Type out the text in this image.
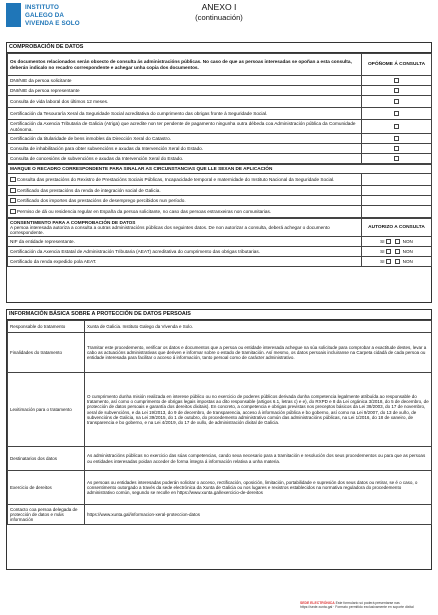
INSTITUTO
GALEGO DA
VIVENDA E SOLO
ANEXO I
(continuación)
COMPROBACIÓN DE DATOS
Os documentos relacionados serán obxecto de consulta ás administracións públicas. No caso de que as persoas interesadas se opoñan a esta consulta, deberán indicalo no recadro correspondente e achegar unha copia dos documentos.	OPÓÑOME Á CONSULTA
DNI/NIE da persoa solicitante	
DNI/NIE da persoa representante	
Consulta de vida laboral dos últimos 12 meses.	
Certificación da Tesouraría Xeral da Seguridade Social acreditativa do cumprimento das obrigas fronte á Seguridade Social.	
Certificación da Axencia Tributaria de Galicia (Atriga) que acredite non ter pendente de pagamento ningunha outra débeda coa Administración pública da Comunidade Autónoma.	
Certificación da titularidade de bens inmobles da Dirección Xeral do Catastro.	
Consulta de inhabilitación para obter subvencións e axudas da Intervención Xeral do Estado.	
Consulta de concesións de subvencións e axudas da Intervención Xeral do Estado.	
MARQUE O RECADRO CORRESPONDENTE PARA SINALAR AS CIRCUNSTANCIAS QUE LLE SEXAN DE APLICACIÓN	
Consulta das prestacións do Rexistro de Prestacións Sociais Públicas, Incapacidade temporal e maternidade do Instituto Nacional da Seguridade Social.	
Certificado das prestacións da renda de integración social de Galicia.	
Certificado dos importes das prestacións de desemprego percibidos nun período.	
Permiso de dá ou residencia regular en España da persoa solicitante, no caso das persoas estranxeiras non comunitarias.	
CONSENTIMENTO PARA A COMPROBACIÓN DE DATOS
A persoa interesada autoriza a consulta a outras administracións públicas dos seguintes datos. De non autorizar a consulta, deberá achegar o documento correspondente.	AUTORIZO A CONSULTA
NIF da entidade representante.	SI NON
Certificación da Axencia Estatal de Administración Tributaria (AEAT) acreditativa do cumprimento das obrigas tributarias.	SI NON
Certificado da renda expedido pola AEAT.	SI NON
INFORMACIÓN BÁSICA SOBRE A PROTECCIÓN DE DATOS PERSOAIS
Responsable do tratamento	Xunta de Galicia. Instituto Galego da Vivenda e Solo.
Finalidades do tratamento	Tramitar este procedemento, verificar os datos e documentos que a persoa ou entidade interesada achegue na súa solicitude para comprobar a exactitude destes, levar a cabo as actuacións administrativas que deriven e informar sobre o estado de tramitación. Así mesmo, os datos persoais incluiranse na Carpeta cidadá de cada persoa ou entidade interesada para facilitar o acceso á información, tanto persoal como de carácter administrativo.
Lexitimación para o tratamento	O cumprimento dunha misión realizada en interese público ou no exercicio de poderes públicos derivada dunha competencia legalmente atribuída ao responsable do tratamento, así como o cumprimento de obrigas legais impostas ao dito responsable (artigos 6.1, letras c) e e), do RXPD e 8 da Lei orgánica 3/2018, do 5 de decembro, de protección de datos persoais e garantía dos dereitos dixitais). En concreto, a competencia e obrigas previstas nos preceptos básicos da Lei 38/2003, do 17 de novembro, xeral de subvencións, e da Lei 19/2013, do 9 de decembro, de transparencia, acceso á información pública e bo goberno, así como na Lei 9/2007, do 13 de xuño, de subvencións de Galicia, na Lei 39/2015, do 1 de outubro, do procedemento administrativo común das administracións públicas, na Lei 1/2016, do 18 de xaneiro, de transparencia e bo goberno, e na Lei 4/2019, do 17 de xullo, de administración dixital de Galicia.
Destinatarios dos datos	As administracións públicas no exercicio das súas competencias, cando sexa necesario para a tramitación e resolución dos seus procedementos ou para que as persoas ou entidades interesadas poidan acceder de forma íntegra á información relativa a unha materia.
Exercicio de dereitos	As persoas ou entidades interesadas poderán solicitar o acceso, rectificación, oposición, limitación, portabilidade e supresión dos seus datos ou retirar, se é o caso, o consentimento outorgado a través da sede electrónica da Xunta de Galicia ou nos lugares e rexistros establecidos na normativa reguladora do procedemento administrativo común, segundo se recolle en https://www.xunta.gal/exercicio-de-dereitos
Contacto coa persoa delegada de protección de datos e máis información	https://www.xunta.gal/informacion-xeral-proteccion-datos
SEDE ELECTRÓNICA Este formulario só poderá presentarse nas https://sede.xunta.gal · Formato permitido exclusivamente en soporte dixital
